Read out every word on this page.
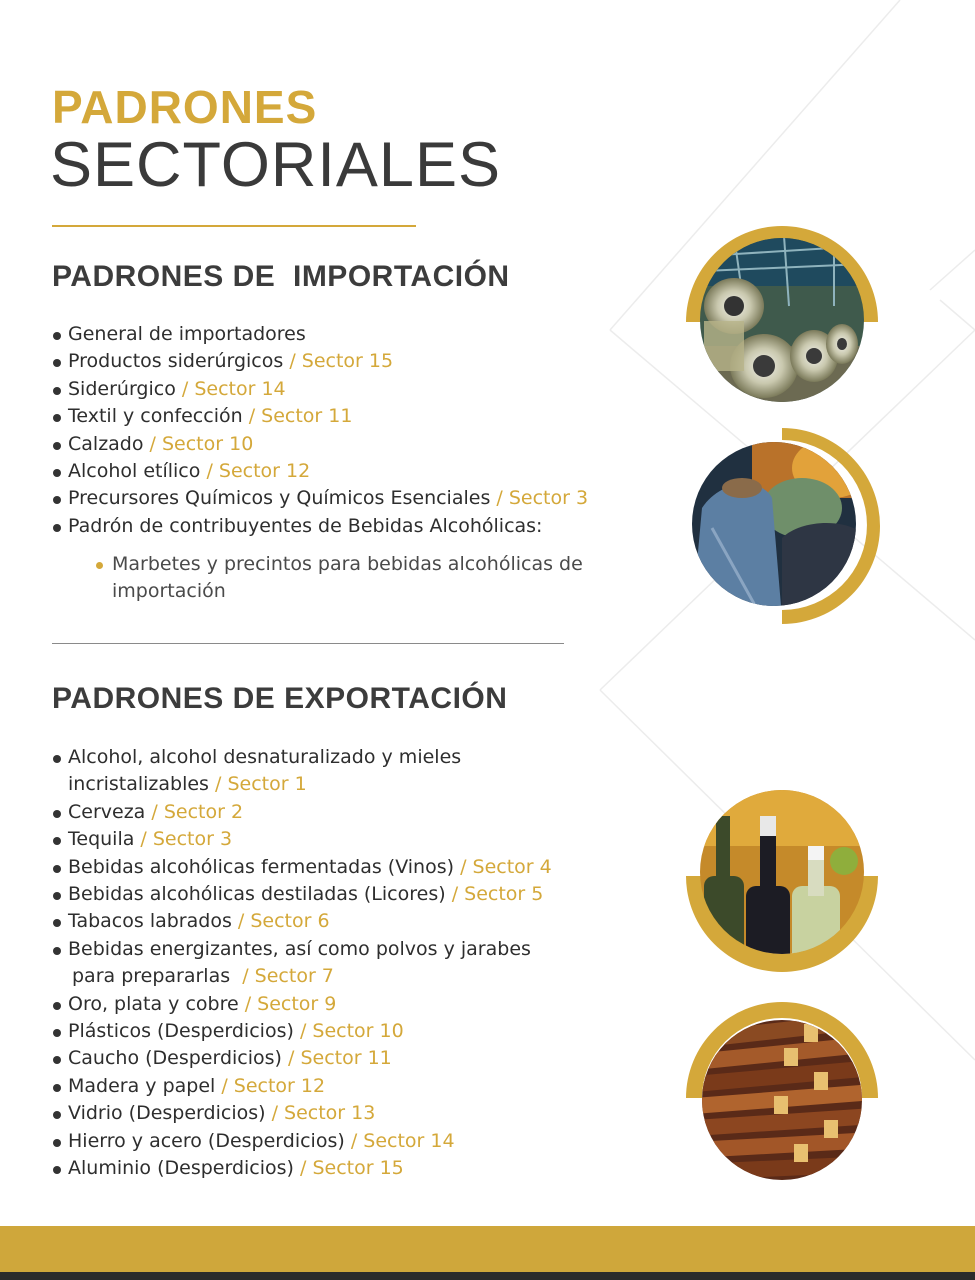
PADRONES
SECTORIALES
PADRONES DE  IMPORTACIÓN
General de importadores
Productos siderúrgicos / Sector 15
Siderúrgico / Sector 14
Textil y confección / Sector 11
Calzado / Sector 10
Alcohol etílico / Sector 12
Precursores Químicos y Químicos Esenciales / Sector 3
Padrón de contribuyentes de Bebidas Alcohólicas:
Marbetes y precintos para bebidas alcohólicas de importación
PADRONES DE EXPORTACIÓN
Alcohol, alcohol desnaturalizado y mieles
incristalizables / Sector 1
Cerveza / Sector 2
Tequila / Sector 3
Bebidas alcohólicas fermentadas (Vinos) / Sector 4
Bebidas alcohólicas destiladas (Licores) / Sector 5
Tabacos labrados / Sector 6
Bebidas energizantes, así como polvos y jarabes
para prepararlas / Sector 7
Oro, plata y cobre / Sector 9
Plásticos (Desperdicios) / Sector 10
Caucho (Desperdicios) / Sector 11
Madera y papel / Sector 12
Vidrio (Desperdicios) / Sector 13
Hierro y acero (Desperdicios) / Sector 14
Aluminio (Desperdicios) / Sector 15
